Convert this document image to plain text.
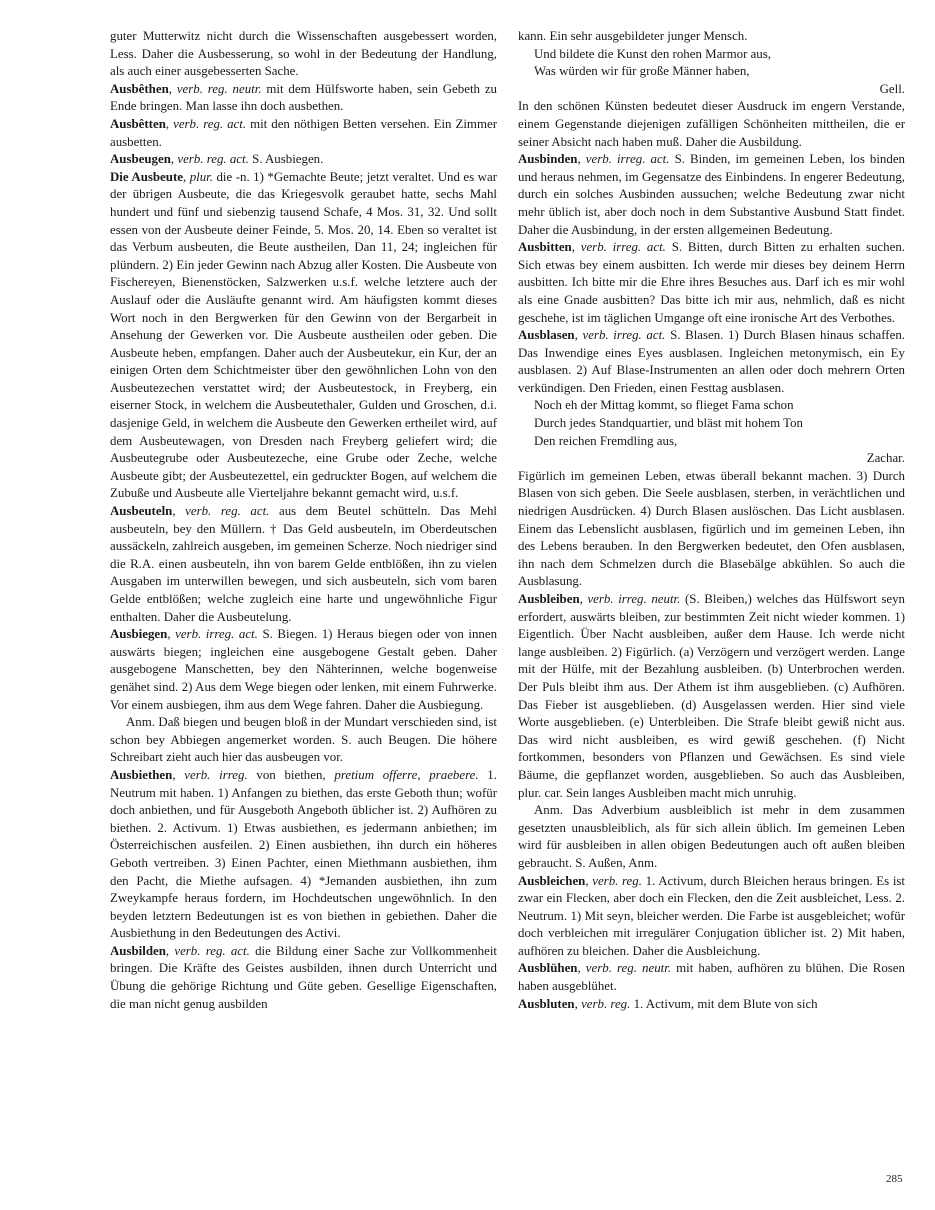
guter Mutterwitz nicht durch die Wissenschaften ausgebessert worden, Less. Daher die Ausbesserung, so wohl in der Bedeutung der Handlung, als auch einer ausgebesserten Sache.

Ausbêthen, verb. reg. neutr. mit dem Hülfsworte haben, sein Gebeth zu Ende bringen. Man lasse ihn doch ausbethen.

Ausbêtten, verb. reg. act. mit den nöthigen Betten versehen. Ein Zimmer ausbetten.

Ausbeugen, verb. reg. act. S. Ausbiegen.

Die Ausbeute, plur. die -n. 1) *Gemachte Beute; jetzt veraltet. Und es war der übrigen Ausbeute, die das Kriegesvolk geraubet hatte, sechs Mahl hundert und fünf und siebenzig tausend Schafe, 4 Mos. 31, 32. Und sollt essen von der Ausbeute deiner Feinde, 5. Mos. 20, 14. Eben so veraltet ist das Verbum ausbeuten, die Beute austheilen, Dan 11, 24; ingleichen für plündern. 2) Ein jeder Gewinn nach Abzug aller Kosten. Die Ausbeute von Fischereyen, Bienenstöcken, Salzwerken u.s.f. welche letztere auch der Auslauf oder die Ausläufte genannt wird. Am häufigsten kommt dieses Wort noch in den Bergwerken für den Gewinn von der Bergarbeit in Ansehung der Gewerken vor. Die Ausbeute austheilen oder geben. Die Ausbeute heben, empfangen. Daher auch der Ausbeutekur, ein Kur, der an einigen Orten dem Schichtmeister über den gewöhnlichen Lohn von den Ausbeutezechen verstattet wird; der Ausbeutestock, in Freyberg, ein eiserner Stock, in welchem die Ausbeutethaler, Gulden und Groschen, d.i. dasjenige Geld, in welchem die Ausbeute den Gewerken ertheilet wird, auf dem Ausbeutewagen, von Dresden nach Freyberg geliefert wird; die Ausbeutegrube oder Ausbeutezeche, eine Grube oder Zeche, welche Ausbeute gibt; der Ausbeutezettel, ein gedruckter Bogen, auf welchem die Zubuße und Ausbeute alle Vierteljahre bekannt gemacht wird, u.s.f.

Ausbeuteln, verb. reg. act. aus dem Beutel schütteln. Das Mehl ausbeuteln, bey den Müllern. † Das Geld ausbeuteln, im Oberdeutschen aussäckeln, zahlreich ausgeben, im gemeinen Scherze. Noch niedriger sind die R.A. einen ausbeuteln, ihn von barem Gelde entblößen, ihn zu vielen Ausgaben im unterwillen bewegen, und sich ausbeuteln, sich vom baren Gelde entblößen; welche zugleich eine harte und ungewöhnliche Figur enthalten. Daher die Ausbeutelung.

Ausbiegen, verb. irreg. act. S. Biegen. 1) Heraus biegen oder von innen auswärts biegen; ingleichen eine ausgebogene Gestalt geben. Daher ausgebogene Manschetten, bey den Nähterinnen, welche bogenweise genähet sind. 2) Aus dem Wege biegen oder lenken, mit einem Fuhrwerke. Vor einem ausbiegen, ihm aus dem Wege fahren. Daher die Ausbiegung.

Anm. Daß biegen und beugen bloß in der Mundart verschieden sind, ist schon bey Abbiegen angemerket worden. S. auch Beugen. Die höhere Schreibart zieht auch hier das ausbeugen vor.

Ausbiethen, verb. irreg. von biethen, pretium offerre, praebere. 1. Neutrum mit haben. 1) Anfangen zu biethen, das erste Geboth thun; wofür doch anbiethen, und für Ausgeboth Angeboth üblicher ist. 2) Aufhören zu biethen. 2. Activum. 1) Etwas ausbiethen, es jedermann anbiethen; im Österreichischen ausfeilen. 2) Einen ausbiethen, ihn durch ein höheres Geboth vertreiben. 3) Einen Pachter, einen Miethmann ausbiethen, ihm den Pacht, die Miethe aufsagen. 4) *Jemanden ausbiethen, ihn zum Zweykampfe heraus fordern, im Hochdeutschen ungewöhnlich. In den beyden letztern Bedeutungen ist es von biethen in gebiethen. Daher die Ausbiethung in den Bedeutungen des Activi.

Ausbilden, verb. reg. act. die Bildung einer Sache zur Vollkommenheit bringen. Die Kräfte des Geistes ausbilden, ihnen durch Unterricht und Übung die gehörige Richtung und Güte geben. Gesellige Eigenschaften, die man nicht genug ausbilden

kann. Ein sehr ausgebildeter junger Mensch.

Und bildete die Kunst den rohen Marmor aus,

Was würden wir für große Männer haben,

Gell.

In den schönen Künsten bedeutet dieser Ausdruck im engern Verstande, einem Gegenstande diejenigen zufälligen Schönheiten mittheilen, die er seiner Absicht nach haben muß. Daher die Ausbildung.

Ausbinden, verb. irreg. act. S. Binden, im gemeinen Leben, los binden und heraus nehmen, im Gegensatze des Einbindens. In engerer Bedeutung, durch ein solches Ausbinden aussuchen; welche Bedeutung zwar nicht mehr üblich ist, aber doch noch in dem Substantive Ausbund Statt findet. Daher die Ausbindung, in der ersten allgemeinen Bedeutung.

Ausbitten, verb. irreg. act. S. Bitten, durch Bitten zu erhalten suchen. Sich etwas bey einem ausbitten. Ich werde mir dieses bey deinem Herrn ausbitten. Ich bitte mir die Ehre ihres Besuches aus. Darf ich es mir wohl als eine Gnade ausbitten? Das bitte ich mir aus, nehmlich, daß es nicht geschehe, ist im täglichen Umgange oft eine ironische Art des Verbothes.

Ausblasen, verb. irreg. act. S. Blasen. 1) Durch Blasen hinaus schaffen. Das Inwendige eines Eyes ausblasen. Ingleichen metonymisch, ein Ey ausblasen. 2) Auf Blase-Instrumenten an allen oder doch mehrern Orten verkündigen. Den Frieden, einen Festtag ausblasen.

Noch eh der Mittag kommt, so flieget Fama schon

Durch jedes Standquartier, und bläst mit hohem Ton

Den reichen Fremdling aus,

Zachar.

Figürlich im gemeinen Leben, etwas überall bekannt machen. 3) Durch Blasen von sich geben. Die Seele ausblasen, sterben, in verächtlichen und niedrigen Ausdrücken. 4) Durch Blasen auslöschen. Das Licht ausblasen. Einem das Lebenslicht ausblasen, figürlich und im gemeinen Leben, ihn des Lebens berauben. In den Bergwerken bedeutet, den Ofen ausblasen, ihn nach dem Schmelzen durch die Blasebälge abkühlen. So auch die Ausblasung.

Ausbleiben, verb. irreg. neutr. (S. Bleiben,) welches das Hülfswort seyn erfordert, auswärts bleiben, zur bestimmten Zeit nicht wieder kommen. 1) Eigentlich. Über Nacht ausbleiben, außer dem Hause. Ich werde nicht lange ausbleiben. 2) Figürlich. (a) Verzögern und verzögert werden. Lange mit der Hülfe, mit der Bezahlung ausbleiben. (b) Unterbrochen werden. Der Puls bleibt ihm aus. Der Athem ist ihm ausgeblieben. (c) Aufhören. Das Fieber ist ausgeblieben. (d) Ausgelassen werden. Hier sind viele Worte ausgeblieben. (e) Unterbleiben. Die Strafe bleibt gewiß nicht aus. Das wird nicht ausbleiben, es wird gewiß geschehen. (f) Nicht fortkommen, besonders von Pflanzen und Gewächsen. Es sind viele Bäume, die gepflanzet worden, ausgeblieben. So auch das Ausbleiben, plur. car. Sein langes Ausbleiben macht mich unruhig.

Anm. Das Adverbium ausbleiblich ist mehr in dem zusammen gesetzten unausbleiblich, als für sich allein üblich. Im gemeinen Leben wird für ausbleiben in allen obigen Bedeutungen auch oft außen bleiben gebraucht. S. Außen, Anm.

Ausbleichen, verb. reg. 1. Activum, durch Bleichen heraus bringen. Es ist zwar ein Flecken, aber doch ein Flecken, den die Zeit ausbleichet, Less. 2. Neutrum. 1) Mit seyn, bleicher werden. Die Farbe ist ausgebleichet; wofür doch verbleichen mit irregulärer Conjugation üblicher ist. 2) Mit haben, aufhören zu bleichen. Daher die Ausbleichung.

Ausblühen, verb. reg. neutr. mit haben, aufhören zu blühen. Die Rosen haben ausgeblühet.

Ausbluten, verb. reg. 1. Activum, mit dem Blute von sich

285
